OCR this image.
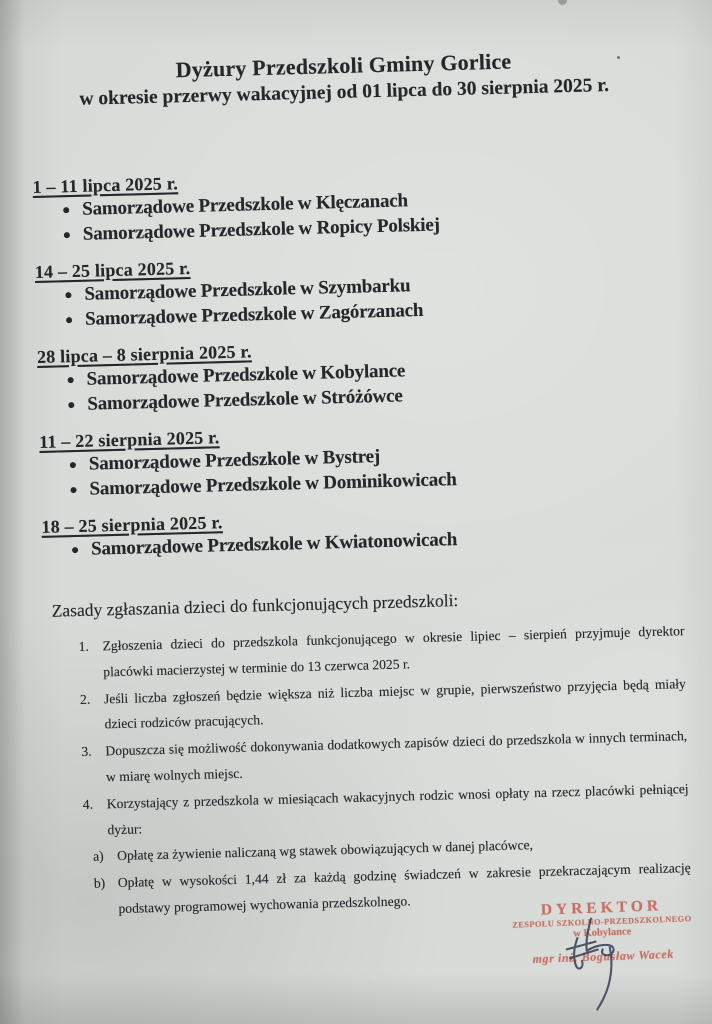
Dyżury Przedszkoli Gminy Gorlice
w okresie przerwy wakacyjnej od 01 lipca do 30 sierpnia 2025 r.
1 – 11 lipca 2025 r.
Samorządowe Przedszkole w Klęczanach
Samorządowe Przedszkole w Ropicy Polskiej
14 – 25 lipca 2025 r.
Samorządowe Przedszkole w Szymbarku
Samorządowe Przedszkole w Zagórzanach
28 lipca – 8 sierpnia 2025 r.
Samorządowe Przedszkole w Kobylance
Samorządowe Przedszkole w Stróżówce
11 – 22 sierpnia 2025 r.
Samorządowe Przedszkole w Bystrej
Samorządowe Przedszkole w Dominikowicach
18 – 25 sierpnia 2025 r.
Samorządowe Przedszkole w Kwiatonowicach
Zasady zgłaszania dzieci do funkcjonujących przedszkoli:
1. Zgłoszenia dzieci do przedszkola funkcjonującego w okresie lipiec – sierpień przyjmuje dyrektor placówki macierzystej w terminie do 13 czerwca 2025 r.
2. Jeśli liczba zgłoszeń będzie większa niż liczba miejsc w grupie, pierwszeństwo przyjęcia będą miały dzieci rodziców pracujących.
3. Dopuszcza się możliwość dokonywania dodatkowych zapisów dzieci do przedszkola w innych terminach, w miarę wolnych miejsc.
4. Korzystający z przedszkola w miesiącach wakacyjnych rodzic wnosi opłaty na rzecz placówki pełniącej dyżur:
a) Opłatę za żywienie naliczaną wg stawek obowiązujących w danej placówce,
b) Opłatę w wysokości 1,44 zł za każdą godzinę świadczeń w zakresie przekraczającym realizację podstawy programowej wychowania przedszkolnego.	DYREKTOR
ZESPOŁU SZKOLNO-PRZEDSZKOLNEGO
w Kobylance
mgr inż. Bogusław Wacek
